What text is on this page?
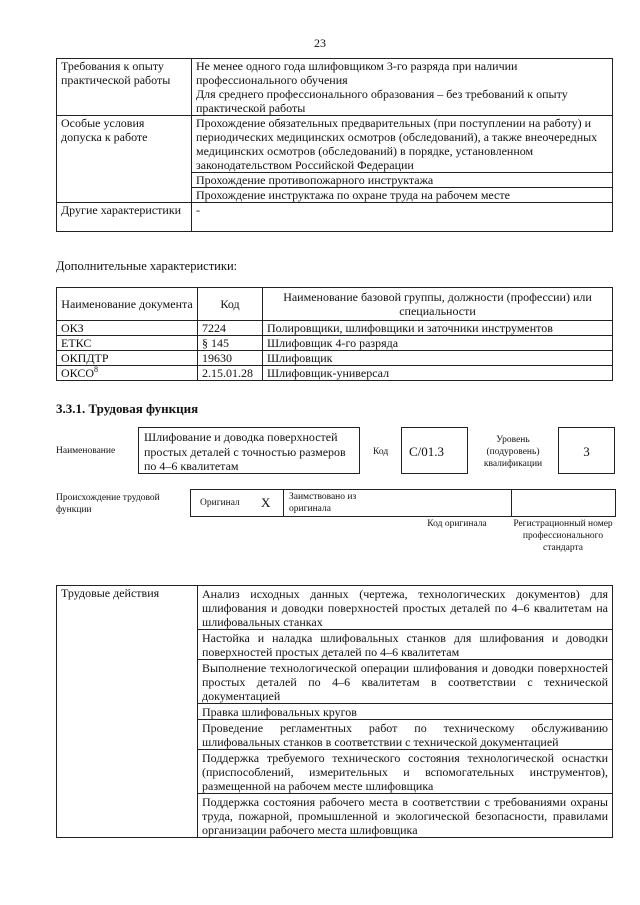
23
Требования к опыту практической работы	Не менее одного года шлифовщиком 3-го разряда при наличии профессионального обучения
	Для среднего профессионального образования – без требований к опыту практической работы
Особые условия допуска к работе	Прохождение обязательных предварительных (при поступлении на работу) и периодических медицинских осмотров (обследований), а также внеочередных медицинских осмотров (обследований) в порядке, установленном законодательством Российской Федерации
	Прохождение противопожарного инструктажа
	Прохождение инструктажа по охране труда на рабочем месте
Другие характеристики	-
Дополнительные характеристики:
Наименование документа	Код	Наименование базовой группы, должности (профессии) или специальности
ОКЗ	7224	Полировщики, шлифовщики и заточники инструментов
ЕТКС	§ 145	Шлифовщик 4-го разряда
ОКПДТР	19630	Шлифовщик
ОКСО$^8$	2.15.01.28	Шлифовщик-универсал
3.3.1. Трудовая функция
Наименование
Шлифование и доводка поверхностей простых деталей с точностью размеров по 4–6 квалитетам
Код	C/01.3
Уровень (подуровень) квалификации
3
Происхождение трудовой функции
Оригинал X Заимствовано из оригинала
Код оригинала	Регистрационный номер профессионального стандарта
Трудовые действия	Анализ исходных данных (чертежа, технологических документов) для шлифования и доводки поверхностей простых деталей по 4–6 квалитетам на шлифовальных станках
Настойка и наладка шлифовальных станков для шлифования и доводки поверхностей простых деталей по 4–6 квалитетам
Выполнение технологической операции шлифования и доводки поверхностей простых деталей по 4–6 квалитетам в соответствии с технической документацией
Правка шлифовальных кругов
Проведение регламентных работ по техническому обслуживанию шлифовальных станков в соответствии с технической документацией
Поддержка требуемого технического состояния технологической оснастки (приспособлений, измерительных и вспомогательных инструментов), размещенной на рабочем месте шлифовщика
Поддержка состояния рабочего места в соответствии с требованиями охраны труда, пожарной, промышленной и экологической безопасности, правилами организации рабочего места шлифовщика
